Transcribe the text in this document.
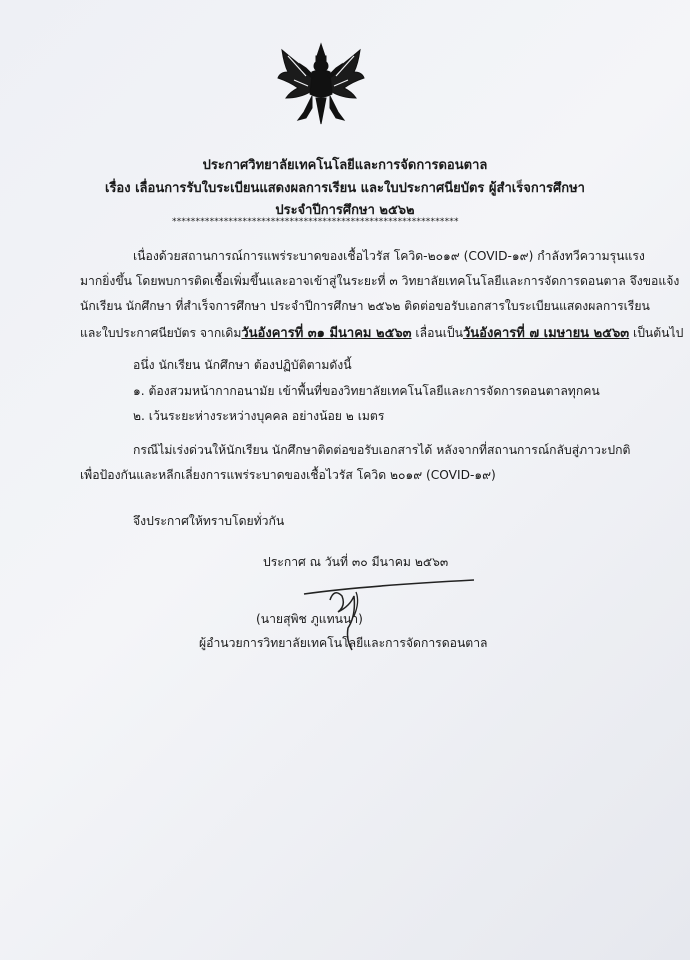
ประกาศวิทยาลัยเทคโนโลยีและการจัดการดอนตาล
เรื่อง เลื่อนการรับใบระเบียนแสดงผลการเรียน และใบประกาศนียบัตร ผู้สำเร็จการศึกษา
ประจำปีการศึกษา ๒๕๖๒
*************************************************************
เนื่องด้วยสถานการณ์การแพร่ระบาดของเชื้อไวรัส โควิด-๒๐๑๙ (COVID-๑๙) กำลังทวีความรุนแรง
มากยิ่งขึ้น โดยพบการติดเชื้อเพิ่มขึ้นและอาจเข้าสู่ในระยะที่ ๓ วิทยาลัยเทคโนโลยีและการจัดการดอนตาล จึงขอแจ้ง
นักเรียน นักศึกษา ที่สำเร็จการศึกษา ประจำปีการศึกษา ๒๕๖๒ ติดต่อขอรับเอกสารใบระเบียนแสดงผลการเรียน
และใบประกาศนียบัตร จากเดิมวันอังคารที่ ๓๑ มีนาคม ๒๕๖๓ เลื่อนเป็นวันอังคารที่ ๗ เมษายน ๒๕๖๓ เป็นต้นไป
อนึ่ง นักเรียน นักศึกษา ต้องปฏิบัติตามดังนี้
๑. ต้องสวมหน้ากากอนามัย เข้าพื้นที่ของวิทยาลัยเทคโนโลยีและการจัดการดอนตาลทุกคน
๒. เว้นระยะห่างระหว่างบุคคล อย่างน้อย ๒ เมตร
กรณีไม่เร่งด่วนให้นักเรียน นักศึกษาติดต่อขอรับเอกสารได้ หลังจากที่สถานการณ์กลับสู่ภาวะปกติ
เพื่อป้องกันและหลีกเลี่ยงการแพร่ระบาดของเชื้อไวรัส โควิด ๒๐๑๙ (COVID-๑๙)
จึงประกาศให้ทราบโดยทั่วกัน
ประกาศ ณ วันที่ ๓๐ มีนาคม ๒๕๖๓
(นายสุพิช ภูแทนนา)
ผู้อำนวยการวิทยาลัยเทคโนโลยีและการจัดการดอนตาล
